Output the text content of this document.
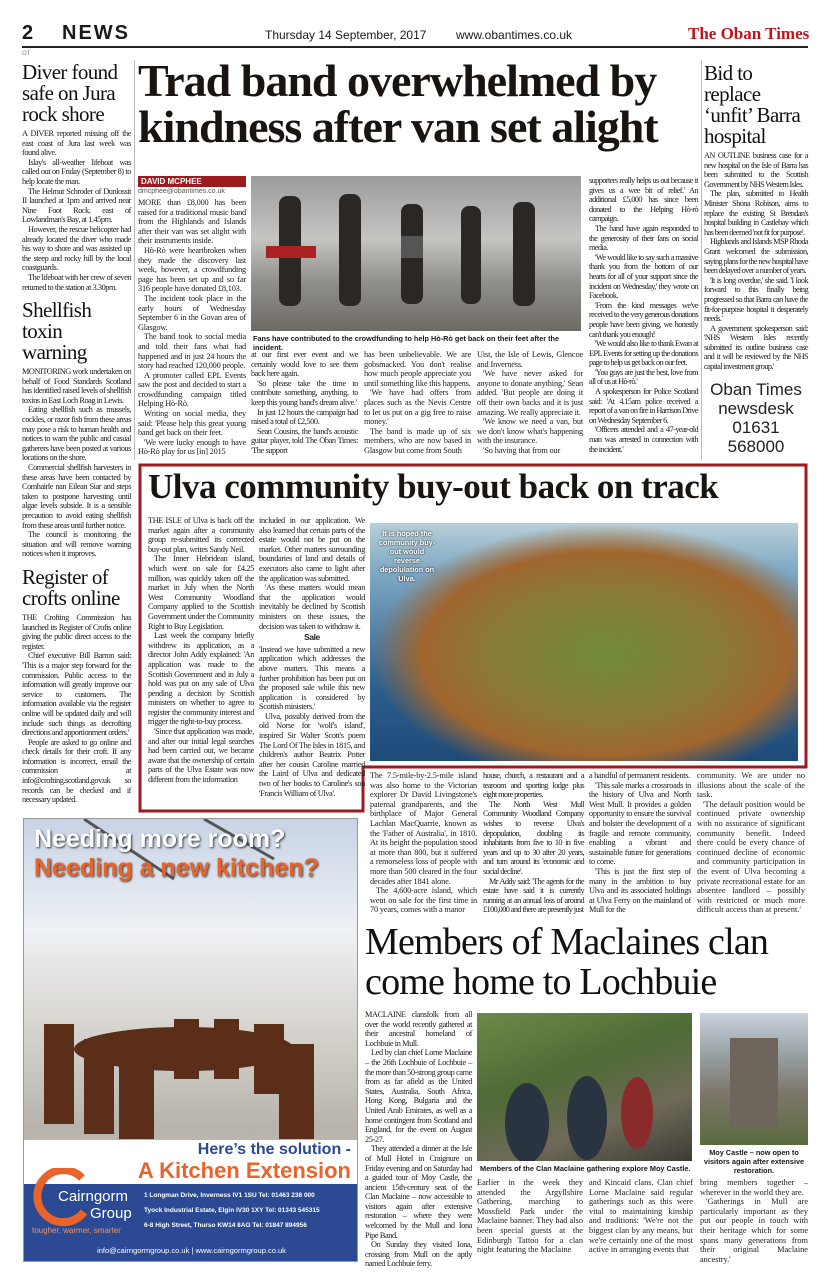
2 NEWS	Thursday 14 September, 2017 www.obantimes.co.uk	The Oban Times
OT
Diver found safe on Jura rock shore

A DIVER reported missing off the east coast of Jura last week was found alive.

Islay's all-weather lifeboat was called out on Friday (September 8) to help locate the man.

The Helmut Schroder of Dunlossit II launched at 1pm and arrived near Nine Foot Rock, east of Lowlandman's Bay, at 1.45pm.

However, the rescue helicopter had already located the diver who made his way to shore and was assisted up the steep and rocky hill by the local coastguards.

The lifeboat with her crew of seven returned to the station at 3.30pm.

Shellfish toxin warning

MONITORING work undertaken on behalf of Food Standards Scotland has identified raised levels of shellfish toxins in East Loch Roag in Lewis.

Eating shellfish such as mussels, cockles, or razor fish from these areas may pose a risk to human health and notices to warn the public and casual gatherers have been posted at various locations on the shore.

Commercial shellfish harvesters in these areas have been contacted by Comhairle nan Eilean Siar and steps taken to postpone harvesting until algae levels subside. It is a sensible precaution to avoid eating shellfish from these areas until further notice.

The council is monitoring the situation and will remove warning notices when it improves.

Register of crofts online

THE Crofting Commission has launched its Register of Crofts online giving the public direct access to the register.

Chief executive Bill Barron said: 'This is a major step forward for the commission. Public access to the information will greatly improve our service to customers. The information available via the register online will be updated daily and will include such things as decrofting directions and apportionment orders.'

People are asked to go online and check details for their croft. If any information is incorrect, email the commission at info@crofting.scotland.gov.uk so records can be checked and if necessary updated.

Trad band overwhelmed by kindness after van set alight
DAVID MCPHEE
dmcphee@obantimes.co.uk

MORE than £8,000 has been raised for a traditional music band from the Highlands and Islands after their van was set alight with their instruments inside.

Hò-Rò were heartbroken when they made the discovery last week, however, a crowdfunding page has been set up and so far 316 people have donated £8,103.

The incident took place in the early hours of Wednesday September 6 in the Govan area of Glasgow.

The band took to social media and told their fans what had happened and in just 24 hours the story had reached 120,000 people.

A promoter called EPL Events saw the post and decided to start a crowdfunding campaign titled Helping Hò-Rò.

Writing on social media, they said: 'Please help this great young band get back on their feet.

'We were lucky enough to have Hò-Rò play for us [in] 2015

Fans have contributed to the crowdfunding to help Hò-Rò get back on their feet after the incident.

at our first ever event and we certainly would love to see them back here again.

'So please take the time to contribute something, anything, to keep this young band's dream alive.'

In just 12 hours the campaign had raised a total of £2,500.

Sean Cousins, the band's acoustic guitar player, told The Oban Times: 'The support

has been unbelievable. We are gobsmacked. You don't realise how much people appreciate you until something like this happens.

'We have had offers from places such as the Nevis Centre to let us put on a gig free to raise money.'

The band is made up of six members, who are now based in Glasgow but come from South

Uist, the Isle of Lewis, Glencoe and Inverness.

'We have never asked for anyone to donate anything,' Sean added. 'But people are doing it off their own backs and it is just amazing. We really appreciate it.

'We know we need a van, but we don't know what's happening with the insurance.

'So having that from our

supporters really helps us out because it gives us a wee bit of relief.' An additional £5,000 has since been donated to the Helping Hò-rò campaign.

The band have again responded to the generosity of their fans on social media.

'We would like to say such a massive thank you from the bottom of our hearts for all of your support since the incident on Wednesday,' they wrote on Facebook.

'From the kind messages we've received to the very generous donations people have been giving, we honestly can't thank you enough!

'We would also like to thank Ewan at EPL Events for setting up the donations page to help us get back on our feet.

'You guys are just the best, love from all of us at Hò-rò.'

A spokesperson for Police Scotland said: 'At 4.15am police received a report of a van on fire in Harrison Drive on Wednesday September 6.

'Officers attended and a 47-year-old man was arrested in connection with the incident.'

Bid to replace ‘unfit’ Barra hospital

AN OUTLINE business case for a new hospital on the Isle of Barra has been submitted to the Scottish Government by NHS Western Isles.

The plan, submitted to Health Minister Shona Robison, aims to replace the existing St Brendan's hospital building in Castlebay which has been deemed 'not fit for purpose'.

Highlands and Islands MSP Rhoda Grant welcomed the submission, saying plans for the new hospital have been delayed over a number of years.

'It is long overdue,' she said. 'I look forward to this finally being progressed so that Barra can have the fit-for-purpose hospital it desperately needs.'

A government spokesperson said: 'NHS Western Isles recently submitted its outline business case and it will be reviewed by the NHS capital investment group.'

Oban Times
newsdesk
01631 568000
Ulva community buy-out back on track

THE ISLE of Ulva is back off the market again after a community group re-submitted its corrected buy-out plan, writes Sandy Neil.

The Inner Hebridean island, which went on sale for £4.25 million, was quickly taken off the market in July when the North West Community Woodland Company applied to the Scottish Government under the Community Right to Buy Legislation.

Last week the company briefly withdrew its application, as a director John Addy explained: 'An application was made to the Scottish Government and in July a hold was put on any sale of Ulva pending a decision by Scottish ministers on whether to agree to register the community interest and trigger the right-to-buy process.

'Since that application was made, and after our initial legal searches had been carried out, we became aware that the ownership of certain parts of the Ulva Estate was now different from the information

included in our application. We also learned that certain parts of the estate would not be put on the market. Other matters surrounding boundaries of land and details of executors also came to light after the application was submitted.

'As these matters would mean that the application would inevitably be declined by Scottish ministers on these issues, the decision was taken to withdraw it.

Sale

'Instead we have submitted a new application which addresses the above matters. This means a further prohibition has been put on the proposed sale while this new application is considered by Scottish ministers.'

Ulva, possibly derived from the old Norse for 'wolf's island', inspired Sir Walter Scott's poem The Lord Of The Isles in 1815, and children's author Beatrix Potter after her cousin Caroline married the Laird of Ulva and dedicated two of her books to Caroline's son 'Francis William of Ulva'.

It is hoped the community buy-out would reverse depolulation on Ulva.

The 7.5-mile-by-2.5-mile island was also home to the Victorian explorer Dr David Livingstone's paternal grandparents, and the birthplace of Major General Lachlan MacQuarrie, known as the 'Father of Australia', in 1810. At its height the population stood at more than 800, but it suffered a remorseless loss of people with more than 500 cleared in the four decades after 1841 alone.

The 4,600-acre island, which went on sale for the first time in 70 years, comes with a manor

house, church, a restaurant and a tearoom and sporting lodge plus eight more properties.

The North West Mull Community Woodland Company wishes to reverse Ulva's depopulation, doubling its inhabitants from five to 10 in five years and up to 30 after 20 years, and turn around its 'economic and social decline'.

Mr Addy said: 'The agents for the estate have said it is currently running at an annual loss of around £100,000 and there are presently just

a handful of permanent residents.

'This sale marks a crossroads in the history of Ulva and North West Mull. It provides a golden opportunity to ensure the survival and bolster the development of a fragile and remote community, enabling a vibrant and sustainable future for generations to come.

'This is just the first step of many in the ambition to buy Ulva and its associated holdings at Ulva Ferry on the mainland of Mull for the

community. We are under no illusions about the scale of the task.

'The default position would be continued private ownership with no assurance of significant community benefit. Indeed there could be every chance of continued decline of economic and community participation in the event of Ulva becoming a private recreational estate for an absentee landlord – possibly with restricted or much more difficult access than at present.'

Needing more room?
Needing a new kitchen?
Here’s the solution -
A Kitchen Extension
Cairngorm
Group
tougher, warmer, smarter
1 Longman Drive, Inverness IV1 1SU Tel: 01463 238 000
Tyock Industrial Estate, Elgin IV30 1XY Tel: 01343 545315
6-8 High Street, Thurso KW14 8AG Tel: 01847 894956
info@cairngormgroup.co.uk | www.cairngormgroup.co.uk
Members of Maclaines clan come home to Lochbuie

MACLAINE clansfolk from all over the world recently gathered at their ancestral homeland of Lochbuie in Mull.

Led by clan chief Lorne Maclaine – the 26th Lochbuie of Lochbuie – the more than 50-strong group came from as far afield as the United States, Australia, South Africa, Hong Kong, Bulgaria and the United Arab Emirates, as well as a home contingent from Scotland and England, for the event on August 25-27.

They attended a dinner at the Isle of Mull Hotel in Craignure on Friday evening and on Saturday had a guided tour of Moy Castle, the ancient 15th-century seat of the Clan Maclaine – now accessible to visitors again after extensive restoration – where they were welcomed by the Mull and Iona Pipe Band.

On Sunday they visited Iona, crossing from Mull on the aptly named Lochbuie ferry.

Members of the Clan Maclaine gathering explore Moy Castle.
Moy Castle – now open to visitors again after extensive restoration.

Earlier in the week they attended the Argyllshire Gathering, marching to Mossfield Park under the Maclaine banner. They had also been special guests at the Edinburgh Tattoo for a clan night featuring the Maclaine

and Kincaid clans. Clan chief Lorne Maclaine said regular gatherings such as this were vital to maintaining kinship and traditions: 'We're not the biggest clan by any means, but we're certainly one of the most active in arranging events that

bring members together – wherever in the world they are.

'Gatherings in Mull are particularly important as they put our people in touch with their heritage which for some spans many generations from their original Maclaine ancestry.'
